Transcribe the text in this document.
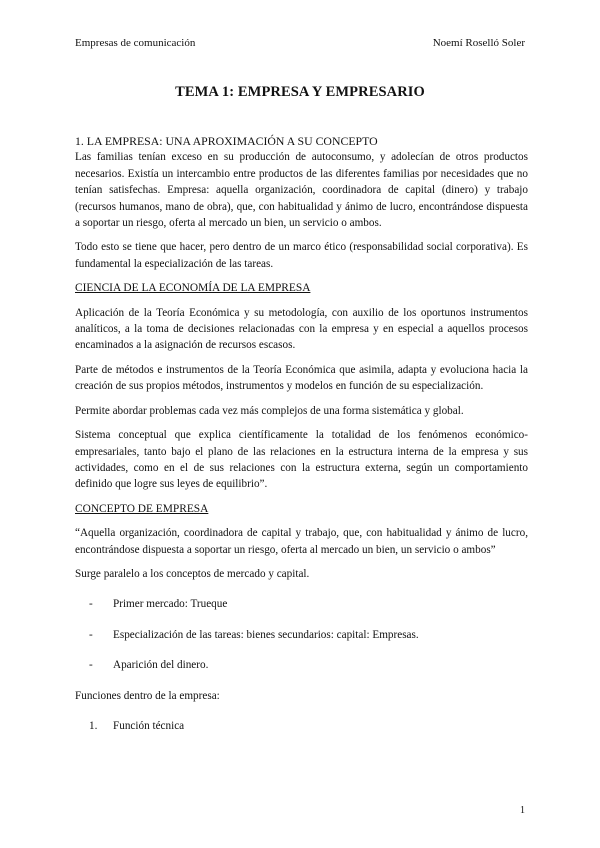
Empresas de comunicación	Noemí Roselló Soler
TEMA 1: EMPRESA Y EMPRESARIO

1. LA EMPRESA: UNA APROXIMACIÓN A SU CONCEPTO

Las familias tenían exceso en su producción de autoconsumo, y adolecían de otros productos necesarios. Existía un intercambio entre productos de las diferentes familias por necesidades que no tenían satisfechas. Empresa: aquella organización, coordinadora de capital (dinero) y trabajo (recursos humanos, mano de obra), que, con habitualidad y ánimo de lucro, encontrándose dispuesta a soportar un riesgo, oferta al mercado un bien, un servicio o ambos.

Todo esto se tiene que hacer, pero dentro de un marco ético (responsabilidad social corporativa). Es fundamental la especialización de las tareas.

CIENCIA DE LA ECONOMÍA DE LA EMPRESA

Aplicación de la Teoría Económica y su metodología, con auxilio de los oportunos instrumentos analíticos, a la toma de decisiones relacionadas con la empresa y en especial a aquellos procesos encaminados a la asignación de recursos escasos.

Parte de métodos e instrumentos de la Teoría Económica que asimila, adapta y evoluciona hacia la creación de sus propios métodos, instrumentos y modelos en función de su especialización.

Permite abordar problemas cada vez más complejos de una forma sistemática y global.

Sistema conceptual que explica científicamente la totalidad de los fenómenos económico-empresariales, tanto bajo el plano de las relaciones en la estructura interna de la empresa y sus actividades, como en el de sus relaciones con la estructura externa, según un comportamiento definido que logre sus leyes de equilibrio”.

CONCEPTO DE EMPRESA

“Aquella organización, coordinadora de capital y trabajo, que, con habitualidad y ánimo de lucro, encontrándose dispuesta a soportar un riesgo, oferta al mercado un bien, un servicio o ambos”

Surge paralelo a los conceptos de mercado y capital.

- Primer mercado: Trueque
- Especialización de las tareas: bienes secundarios: capital: Empresas.
- Aparición del dinero.

Funciones dentro de la empresa:

1. Función técnica
1
